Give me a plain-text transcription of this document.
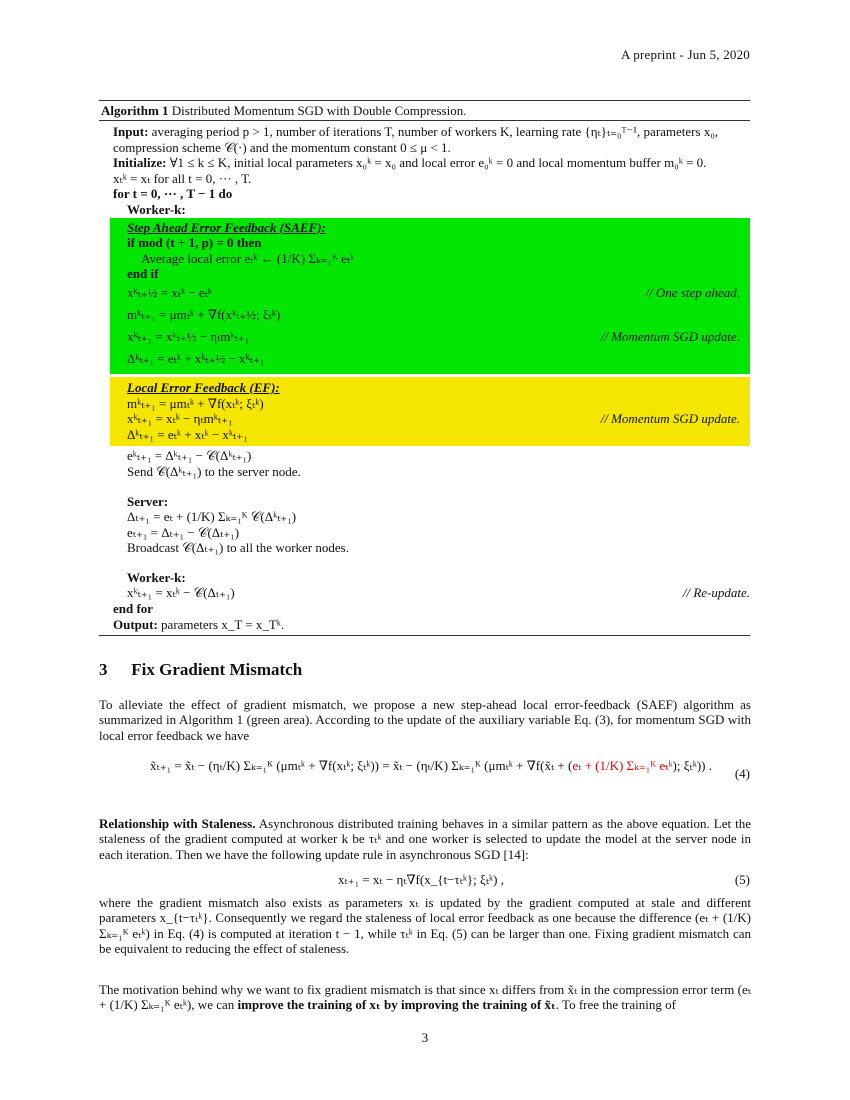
A preprint - Jun 5, 2020
Algorithm 1 Distributed Momentum SGD with Double Compression.
Input: averaging period p > 1, number of iterations T, number of workers K, learning rate {ηₜ}ₜ₌₀ᵀ⁻¹, parameters x₀,
compression scheme 𝒞(·) and the momentum constant 0 ≤ μ < 1.
Initialize: ∀1 ≤ k ≤ K, initial local parameters x₀ᵏ = x₀ and local error e₀ᵏ = 0 and local momentum buffer m₀ᵏ = 0.
xₜᵏ = xₜ for all t = 0, ··· , T.
for t = 0, ··· , T − 1 do
Worker-k:
Step Ahead Error Feedback (SAEF):
if mod (t + 1, p) = 0 then
Average local error eₜᵏ ← (1/K) Σₖ₌₁ᴷ eₜᵏ
end if
xᵏₜ₊½ = xₜᵏ − eₜᵏ	// One step ahead.
mᵏₜ₊₁ = μmₜᵏ + ∇f(xᵏₜ₊½; ξₜᵏ)
xᵏₜ₊₁ = xᵏₜ₊½ − ηₜmᵏₜ₊₁	// Momentum SGD update.
Δᵏₜ₊₁ = eₜᵏ + xᵏₜ₊½ − xᵏₜ₊₁
Local Error Feedback (EF):
mᵏₜ₊₁ = μmₜᵏ + ∇f(xₜᵏ; ξₜᵏ)
xᵏₜ₊₁ = xₜᵏ − ηₜmᵏₜ₊₁	// Momentum SGD update.
Δᵏₜ₊₁ = eₜᵏ + xₜᵏ − xᵏₜ₊₁
eᵏₜ₊₁ = Δᵏₜ₊₁ − 𝒞(Δᵏₜ₊₁)
Send 𝒞(Δᵏₜ₊₁) to the server node.
Server:
Δₜ₊₁ = eₜ + (1/K) Σₖ₌₁ᴷ 𝒞(Δᵏₜ₊₁)
eₜ₊₁ = Δₜ₊₁ − 𝒞(Δₜ₊₁)
Broadcast 𝒞(Δₜ₊₁) to all the worker nodes.
Worker-k:
xᵏₜ₊₁ = xₜᵏ − 𝒞(Δₜ₊₁)	// Re-update.
end for
Output: parameters x_T = x_Tᵏ.
3 Fix Gradient Mismatch
To alleviate the effect of gradient mismatch, we propose a new step-ahead local error-feedback (SAEF) algorithm as summarized in Algorithm 1 (green area). According to the update of the auxiliary variable Eq. (3), for momentum SGD with local error feedback we have
x̃ₜ₊₁ = x̃ₜ − (ηₜ/K) Σₖ₌₁ᴷ (μmₜᵏ + ∇f(xₜᵏ; ξₜᵏ)) = x̃ₜ − (ηₜ/K) Σₖ₌₁ᴷ (μmₜᵏ + ∇f(x̃ₜ + (eₜ + (1/K) Σₖ₌₁ᴷ eₜᵏ); ξₜᵏ)) .
(4)
Relationship with Staleness. Asynchronous distributed training behaves in a similar pattern as the above equation. Let the staleness of the gradient computed at worker k be τₜᵏ and one worker is selected to update the model at the server node in each iteration. Then we have the following update rule in asynchronous SGD [14]:
xₜ₊₁ = xₜ − ηₜ∇f(x_{t−τₜᵏ}; ξₜᵏ) ,	(5)
where the gradient mismatch also exists as parameters xₜ is updated by the gradient computed at stale and different parameters x_{t−τₜᵏ}. Consequently we regard the staleness of local error feedback as one because the difference (eₜ + (1/K) Σₖ₌₁ᴷ eₜᵏ) in Eq. (4) is computed at iteration t − 1, while τₜᵏ in Eq. (5) can be larger than one. Fixing gradient mismatch can be equivalent to reducing the effect of staleness.
The motivation behind why we want to fix gradient mismatch is that since xₜ differs from x̃ₜ in the compression error term (eₜ + (1/K) Σₖ₌₁ᴷ eₜᵏ), we can improve the training of xₜ by improving the training of x̃ₜ. To free the training of
3
